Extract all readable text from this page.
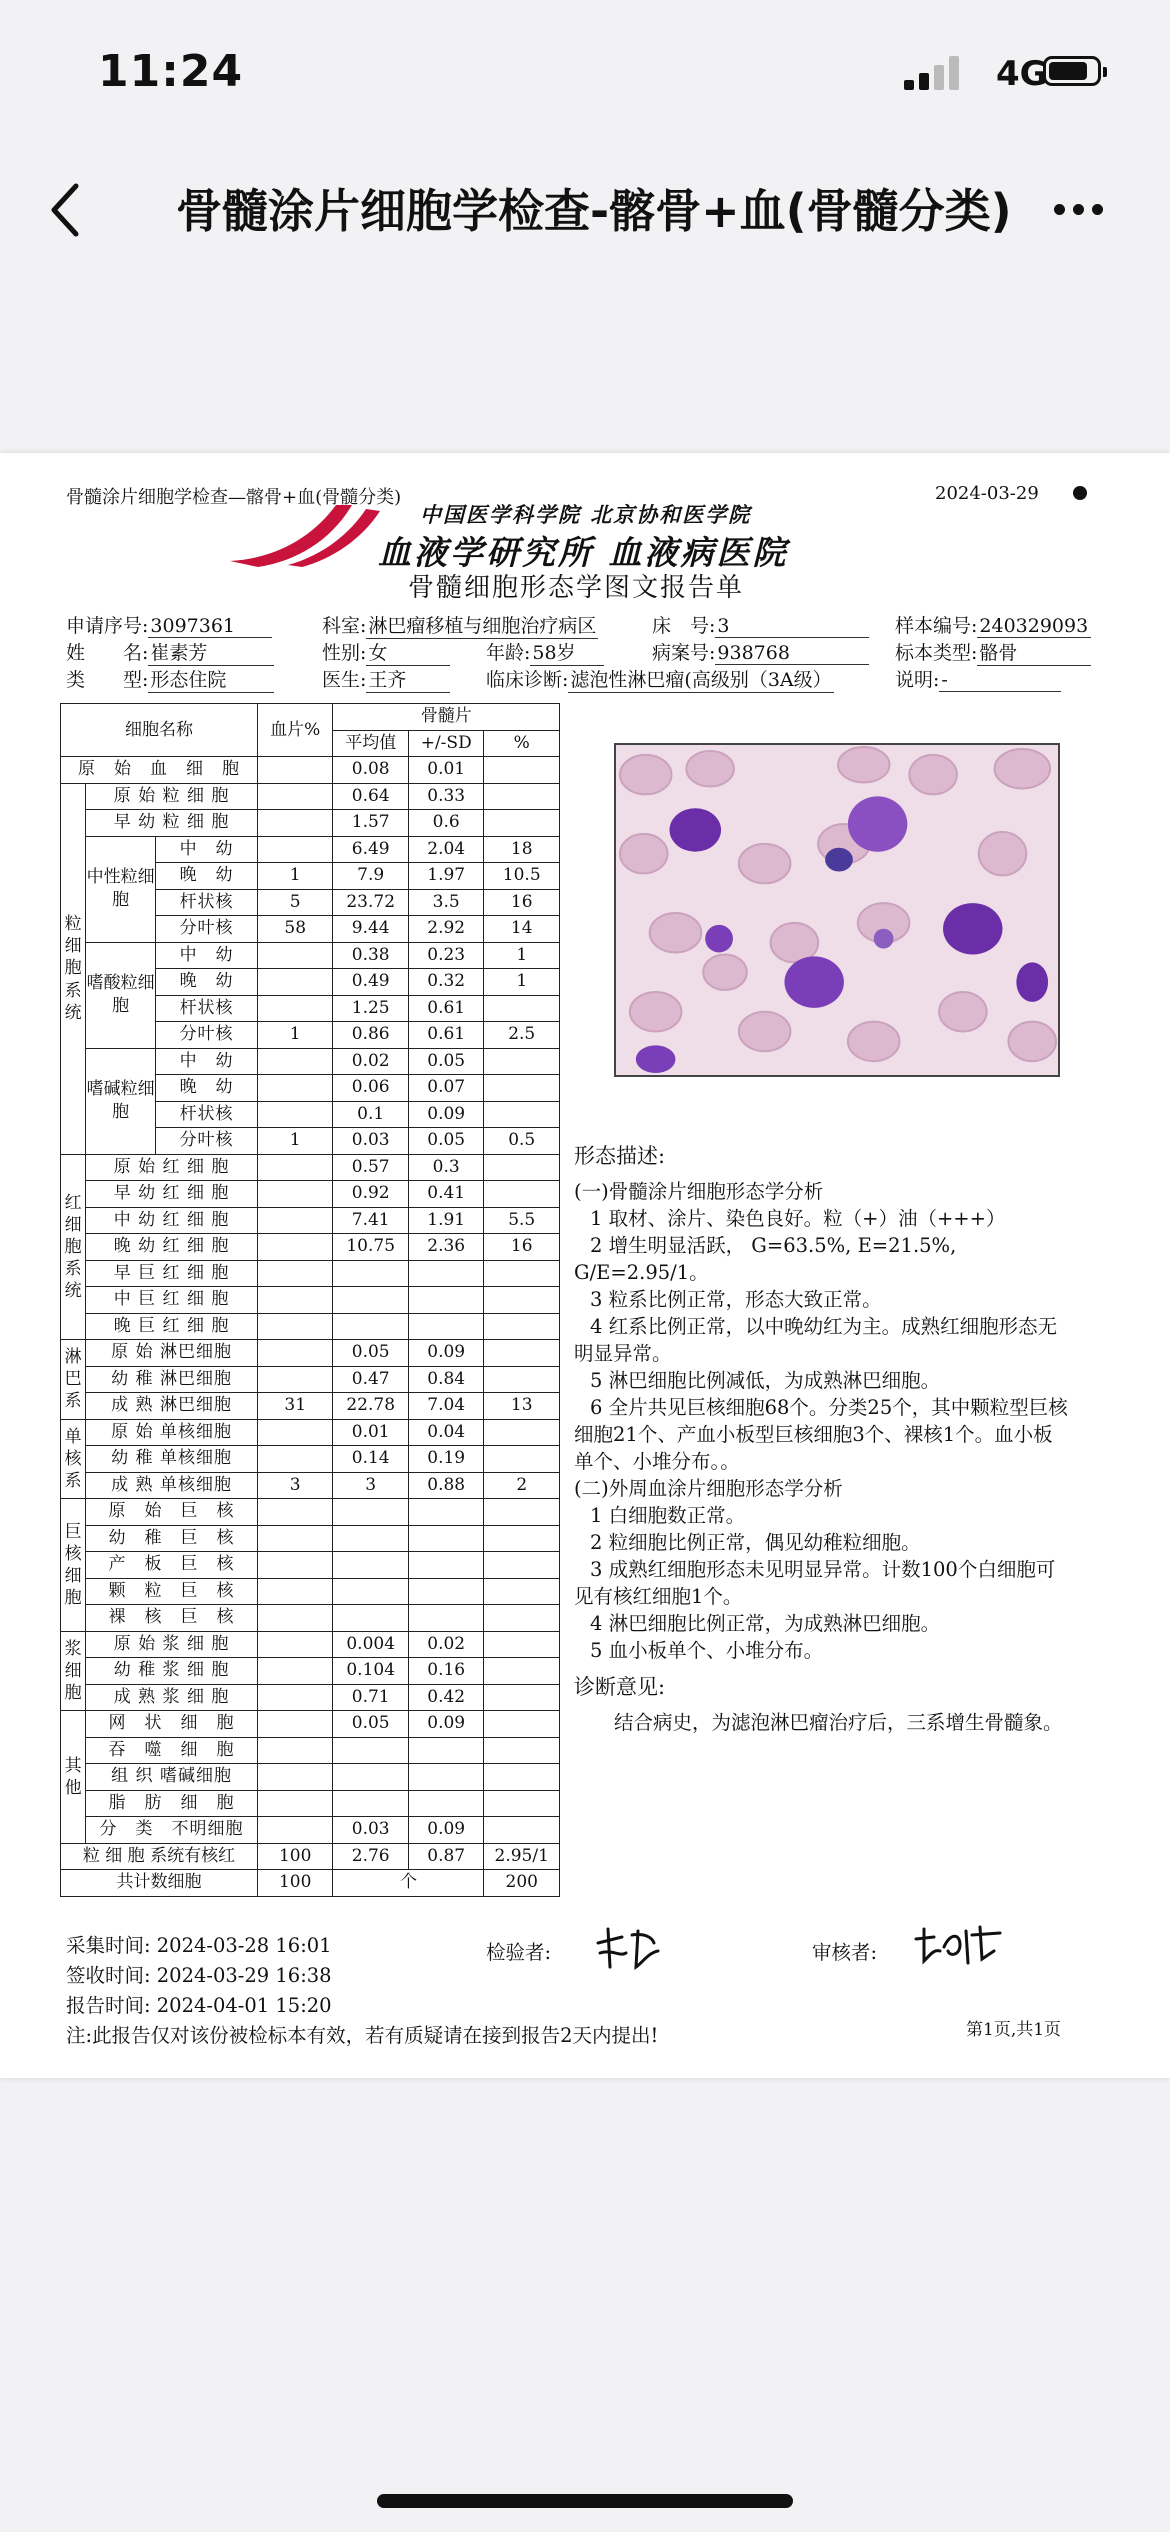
11:24	4G
骨髓涂片细胞学检查-髂骨+血(骨髓分类)
骨髓涂片细胞学检查—髂骨+血(骨髓分类)	2024-03-29
中国医学科学院 北京协和医学院
血液学研究所 血液病医院
骨髓细胞形态学图文报告单
申请序号: 3097361	科室: 淋巴瘤移植与细胞治疗病区	床　号: 3	样本编号: 240329093
姓　　名: 崔素芳	性别: 女	年龄: 58岁	病案号: 938768	标本类型: 骼骨
类　　型: 形态住院	医生: 王齐	临床诊断: 滤泡性淋巴瘤(高级别（3A级）	说明: -
细胞名称			血片%	骨髓片		
				平均值	+/-SD	%
原　始　血　细　胞				0.08	0.01	
粒细胞系统	原 始 粒 细 胞			0.64	0.33	
	早 幼 粒 细 胞			1.57	0.6	
	中性粒细胞	中　幼		6.49	2.04	18
		晚　幼	1	7.9	1.97	10.5
		杆状核	5	23.72	3.5	16
		分叶核	58	9.44	2.92	14
	嗜酸粒细胞	中　幼		0.38	0.23	1
		晚　幼		0.49	0.32	1
		杆状核		1.25	0.61	
		分叶核	1	0.86	0.61	2.5
	嗜碱粒细胞	中　幼		0.02	0.05	
		晚　幼		0.06	0.07	
		杆状核		0.1	0.09	
		分叶核	1	0.03	0.05	0.5
红细胞系统	原 始 红 细 胞			0.57	0.3	
	早 幼 红 细 胞			0.92	0.41	
	中 幼 红 细 胞			7.41	1.91	5.5
	晚 幼 红 细 胞			10.75	2.36	16
	早 巨 红 细 胞					
	中 巨 红 细 胞					
	晚 巨 红 细 胞					
淋巴系	原 始 淋巴细胞			0.05	0.09	
	幼 稚 淋巴细胞			0.47	0.84	
	成 熟 淋巴细胞		31	22.78	7.04	13
单核系	原 始 单核细胞			0.01	0.04	
	幼 稚 单核细胞			0.14	0.19	
	成 熟 单核细胞		3	3	0.88	2
巨核细胞	原　始　巨　核					
	幼　稚　巨　核					
	产　板　巨　核					
	颗　粒　巨　核					
	裸　核　巨　核					
浆细胞	原 始 浆 细 胞			0.004	0.02	
	幼 稚 浆 细 胞			0.104	0.16	
	成 熟 浆 细 胞			0.71	0.42	
其他	网　状　细　胞			0.05	0.09	
	吞　噬　细　胞					
	组 织 嗜碱细胞					
	脂　肪　细　胞					
	分　类　不明细胞			0.03	0.09	
粒 细 胞 系统有核红			100	2.76	0.87	2.95/1
共计数细胞			100	个		200
形态描述:

(一)骨髓涂片细胞形态学分析

1 取材、涂片、染色良好。粒（+）油（+++）

2 增生明显活跃， G=63.5%, E=21.5%, G/E=2.95/1。

3 粒系比例正常，形态大致正常。

4 红系比例正常，以中晚幼红为主。成熟红细胞形态无明显异常。

5 淋巴细胞比例减低，为成熟淋巴细胞。

6 全片共见巨核细胞68个。分类25个，其中颗粒型巨核细胞21个、产血小板型巨核细胞3个、裸核1个。血小板单个、小堆分布。。

(二)外周血涂片细胞形态学分析

1 白细胞数正常。

2 粒细胞比例正常，偶见幼稚粒细胞。

3 成熟红细胞形态未见明显异常。计数100个白细胞可见有核红细胞1个。

4 淋巴细胞比例正常，为成熟淋巴细胞。

5 血小板单个、小堆分布。

诊断意见:

结合病史，为滤泡淋巴瘤治疗后，三系增生骨髓象。

采集时间: 2024-03-28 16:01
签收时间: 2024-03-29 16:38
报告时间: 2024-04-01 15:20
检验者:	审核者:
注:此报告仅对该份被检标本有效，若有质疑请在接到报告2天内提出!	第1页,共1页
